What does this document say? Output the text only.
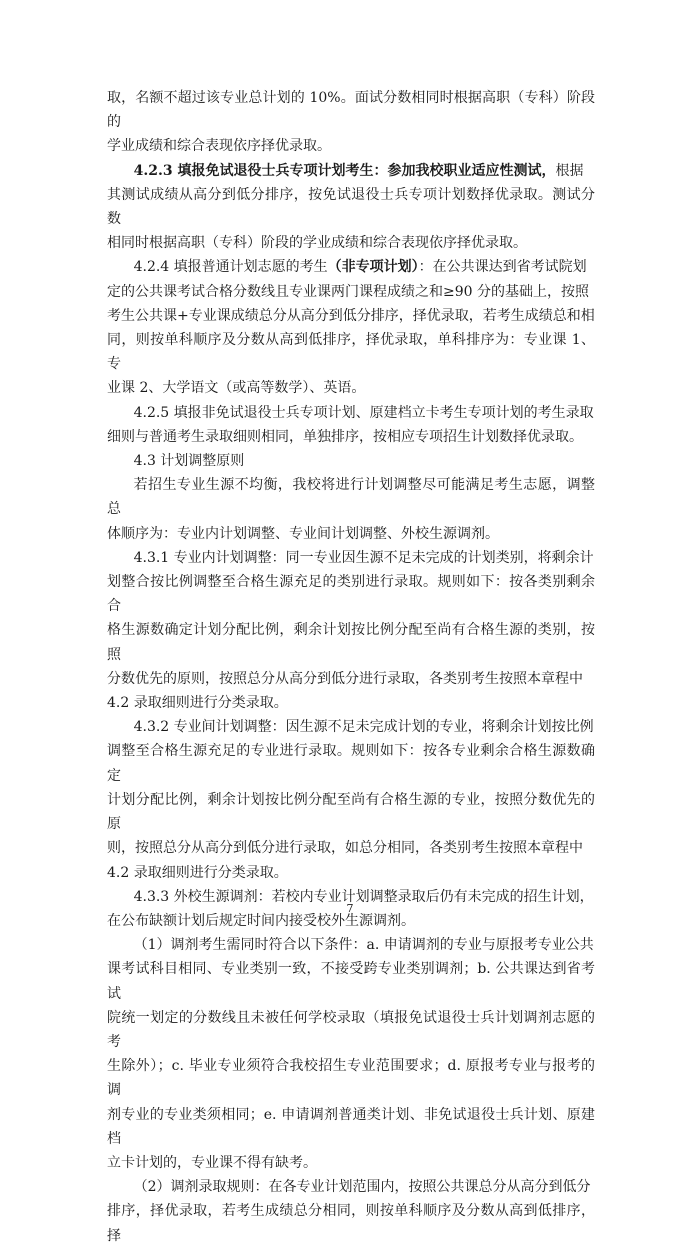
取，名额不超过该专业总计划的 10%。面试分数相同时根据高职（专科）阶段的
学业成绩和综合表现依序择优录取。

4.2.3 填报免试退役士兵专项计划考生：参加我校职业适应性测试，根据
其测试成绩从高分到低分排序，按免试退役士兵专项计划数择优录取。测试分数
相同时根据高职（专科）阶段的学业成绩和综合表现依序择优录取。

4.2.4 填报普通计划志愿的考生（非专项计划）：在公共课达到省考试院划
定的公共课考试合格分数线且专业课两门课程成绩之和≥90 分的基础上，按照
考生公共课+专业课成绩总分从高分到低分排序，择优录取，若考生成绩总和相
同，则按单科顺序及分数从高到低排序，择优录取，单科排序为：专业课 1、专
业课 2、大学语文（或高等数学）、英语。

4.2.5 填报非免试退役士兵专项计划、原建档立卡考生专项计划的考生录取
细则与普通考生录取细则相同，单独排序，按相应专项招生计划数择优录取。

4.3 计划调整原则

若招生专业生源不均衡，我校将进行计划调整尽可能满足考生志愿，调整总
体顺序为：专业内计划调整、专业间计划调整、外校生源调剂。

4.3.1 专业内计划调整：同一专业因生源不足未完成的计划类别，将剩余计
划整合按比例调整至合格生源充足的类别进行录取。规则如下：按各类别剩余合
格生源数确定计划分配比例，剩余计划按比例分配至尚有合格生源的类别，按照
分数优先的原则，按照总分从高分到低分进行录取，各类别考生按照本章程中
4.2 录取细则进行分类录取。

4.3.2 专业间计划调整：因生源不足未完成计划的专业，将剩余计划按比例
调整至合格生源充足的专业进行录取。规则如下：按各专业剩余合格生源数确定
计划分配比例，剩余计划按比例分配至尚有合格生源的专业，按照分数优先的原
则，按照总分从高分到低分进行录取，如总分相同，各类别考生按照本章程中
4.2 录取细则进行分类录取。

4.3.3 外校生源调剂：若校内专业计划调整录取后仍有未完成的招生计划，
在公布缺额计划后规定时间内接受校外生源调剂。

（1）调剂考生需同时符合以下条件：a. 申请调剂的专业与原报考专业公共
课考试科目相同、专业类别一致，不接受跨专业类别调剂；b. 公共课达到省考试
院统一划定的分数线且未被任何学校录取（填报免试退役士兵计划调剂志愿的考
生除外）；c. 毕业专业须符合我校招生专业范围要求；d. 原报考专业与报考的调
剂专业的专业类须相同；e. 申请调剂普通类计划、非免试退役士兵计划、原建档
立卡计划的，专业课不得有缺考。

（2）调剂录取规则：在各专业计划范围内，按照公共课总分从高分到低分
排序，择优录取，若考生成绩总分相同，则按单科顺序及分数从高到低排序，择

7
